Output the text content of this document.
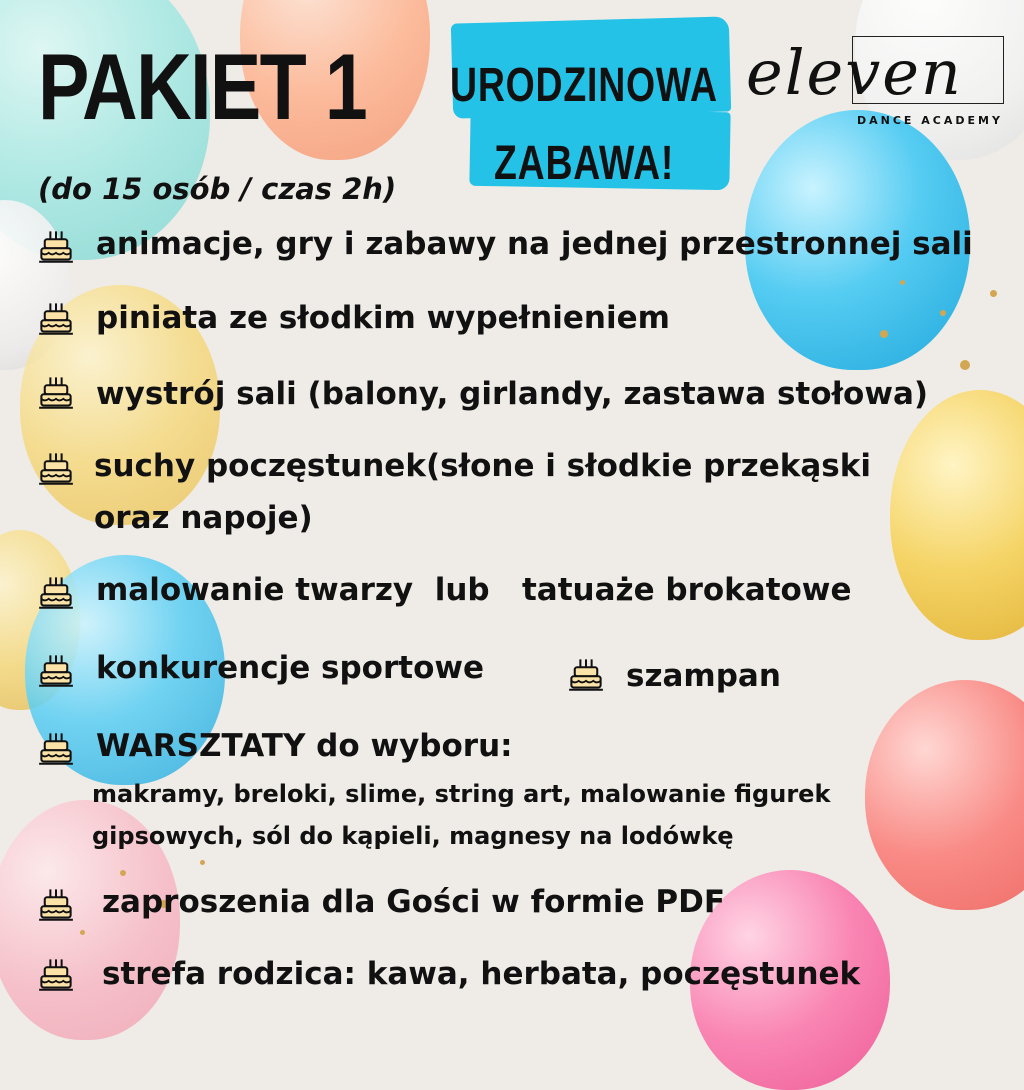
PAKIET 1
(do 15 osób / czas 2h)
URODZINOWA
ZABAWA!
eleven
DANCE ACADEMY
animacje, gry i zabawy na jednej przestronnej sali
piniata ze słodkim wypełnieniem
wystrój sali (balony, girlandy, zastawa stołowa)
suchy poczęstunek(słone i słodkie przekąski
oraz napoje)
malowanie twarzy  lub   tatuaże brokatowe
konkurencje sportowe	szampan
WARSZTATY do wyboru:
makramy, breloki, slime, string art, malowanie figurek
gipsowych, sól do kąpieli, magnesy na lodówkę
zaproszenia dla Gości w formie PDF
strefa rodzica: kawa, herbata, poczęstunek
